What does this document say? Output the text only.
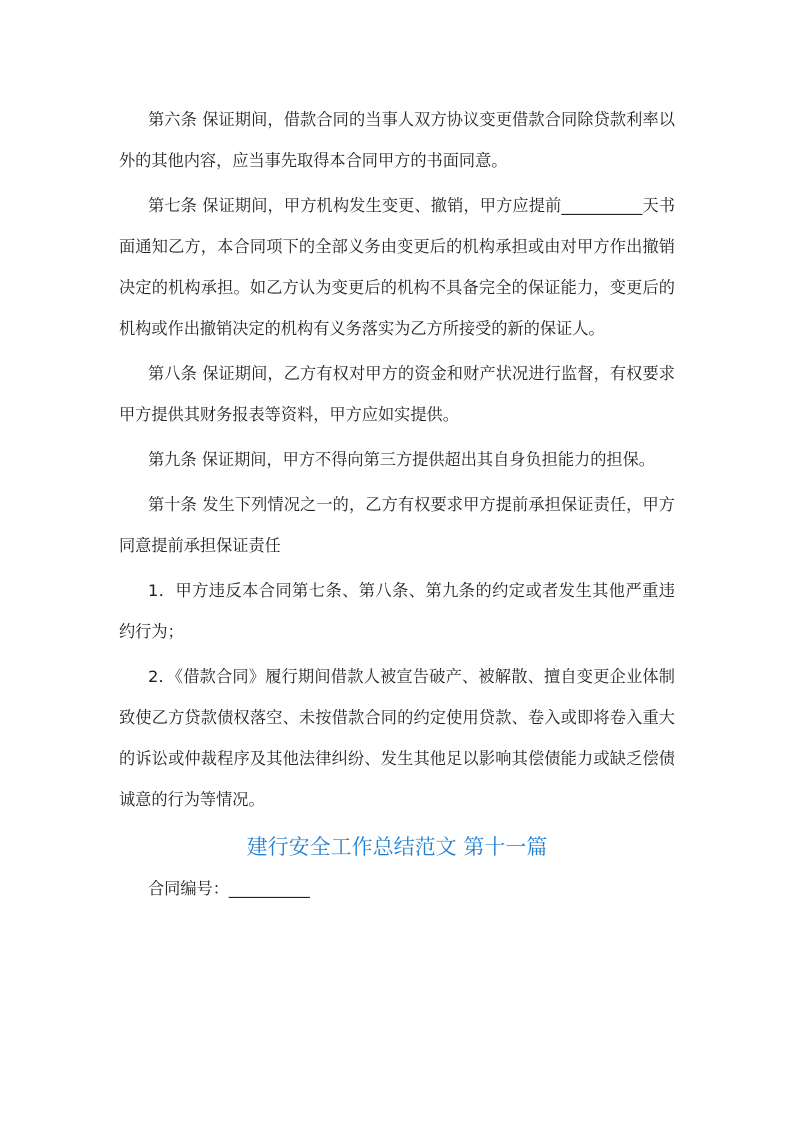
第六条 保证期间，借款合同的当事人双方协议变更借款合同除贷款利率以外的其他内容，应当事先取得本合同甲方的书面同意。

第七条 保证期间，甲方机构发生变更、撤销，甲方应提前__________天书面通知乙方，本合同项下的全部义务由变更后的机构承担或由对甲方作出撤销决定的机构承担。如乙方认为变更后的机构不具备完全的保证能力，变更后的机构或作出撤销决定的机构有义务落实为乙方所接受的新的保证人。

第八条 保证期间，乙方有权对甲方的资金和财产状况进行监督，有权要求甲方提供其财务报表等资料，甲方应如实提供。

第九条 保证期间，甲方不得向第三方提供超出其自身负担能力的担保。

第十条 发生下列情况之一的，乙方有权要求甲方提前承担保证责任，甲方同意提前承担保证责任

1．甲方违反本合同第七条、第八条、第九条的约定或者发生其他严重违约行为；

2．《借款合同》履行期间借款人被宣告破产、被解散、擅自变更企业体制致使乙方贷款债权落空、未按借款合同的约定使用贷款、卷入或即将卷入重大的诉讼或仲裁程序及其他法律纠纷、发生其他足以影响其偿债能力或缺乏偿债诚意的行为等情况。

建行安全工作总结范文 第十一篇

合同编号：__________
